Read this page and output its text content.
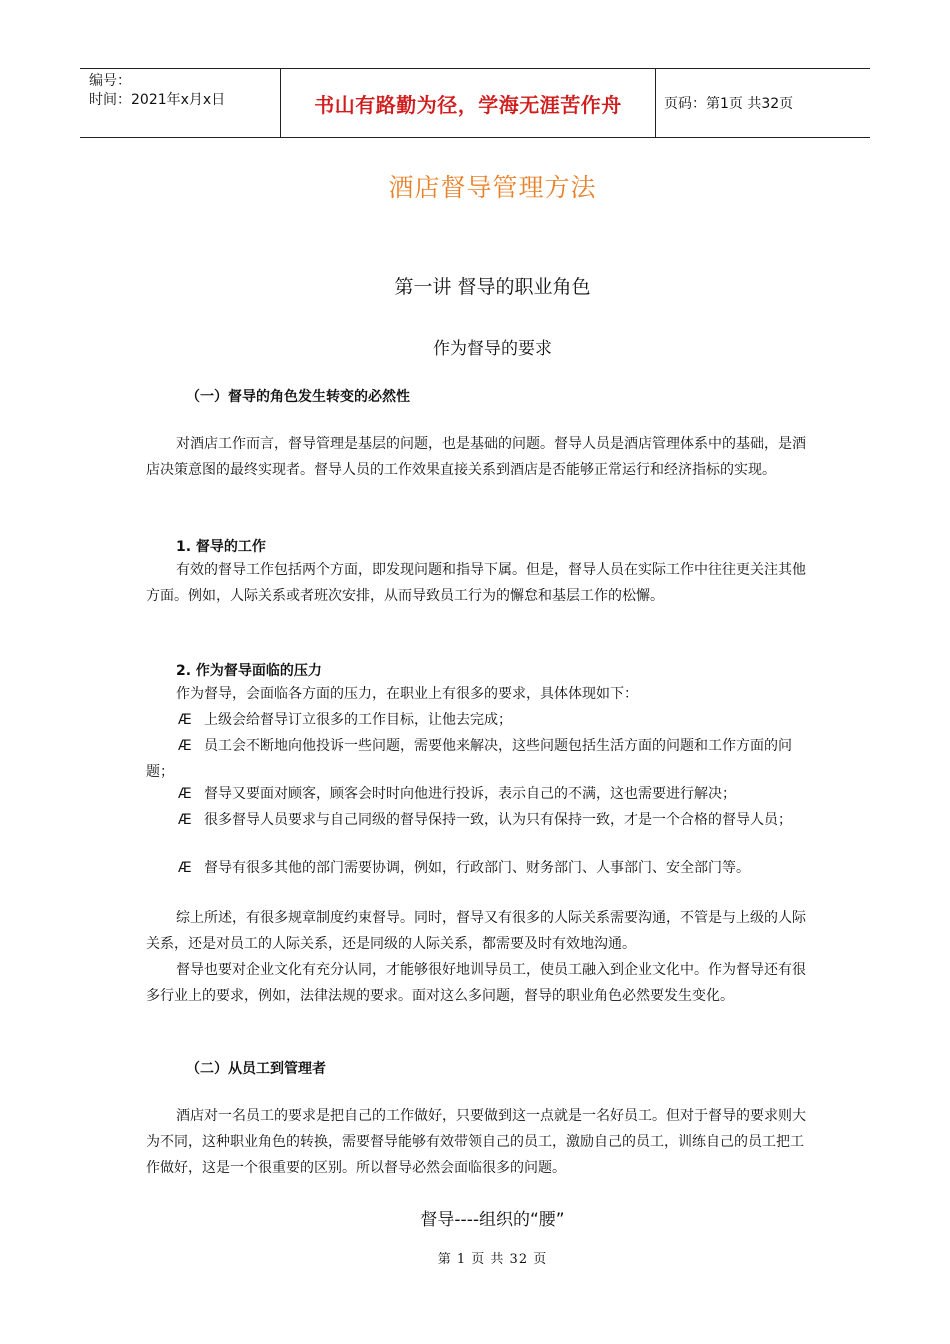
编号：
时间：2021年x月x日	书山有路勤为径，学海无涯苦作舟	页码：第1页 共32页
酒店督导管理方法
第一讲 督导的职业角色
作为督导的要求
（一）督导的角色发生转变的必然性

对酒店工作而言，督导管理是基层的问题，也是基础的问题。督导人员是酒店管理体系中的基础，是酒店决策意图的最终实现者。督导人员的工作效果直接关系到酒店是否能够正常运行和经济指标的实现。

1. 督导的工作

有效的督导工作包括两个方面，即发现问题和指导下属。但是，督导人员在实际工作中往往更关注其他方面。例如，人际关系或者班次安排，从而导致员工行为的懈怠和基层工作的松懈。

2. 作为督导面临的压力

作为督导，会面临各方面的压力，在职业上有很多的要求，具体体现如下：

Æ 上级会给督导订立很多的工作目标，让他去完成；

Æ 员工会不断地向他投诉一些问题，需要他来解决，这些问题包括生活方面的问题和工作方面的问题；

Æ 督导又要面对顾客，顾客会时时向他进行投诉，表示自己的不满，这也需要进行解决；

Æ 很多督导人员要求与自己同级的督导保持一致，认为只有保持一致，才是一个合格的督导人员；

Æ 督导有很多其他的部门需要协调，例如，行政部门、财务部门、人事部门、安全部门等。

综上所述，有很多规章制度约束督导。同时，督导又有很多的人际关系需要沟通，不管是与上级的人际关系，还是对员工的人际关系，还是同级的人际关系，都需要及时有效地沟通。

督导也要对企业文化有充分认同，才能够很好地训导员工，使员工融入到企业文化中。作为督导还有很多行业上的要求，例如，法律法规的要求。面对这么多问题，督导的职业角色必然要发生变化。

（二）从员工到管理者

酒店对一名员工的要求是把自己的工作做好，只要做到这一点就是一名好员工。但对于督导的要求则大为不同，这种职业角色的转换，需要督导能够有效带领自己的员工，激励自己的员工，训练自己的员工把工作做好，这是一个很重要的区别。所以督导必然会面临很多的问题。

督导----组织的“腰”
第 1 页 共 32 页
